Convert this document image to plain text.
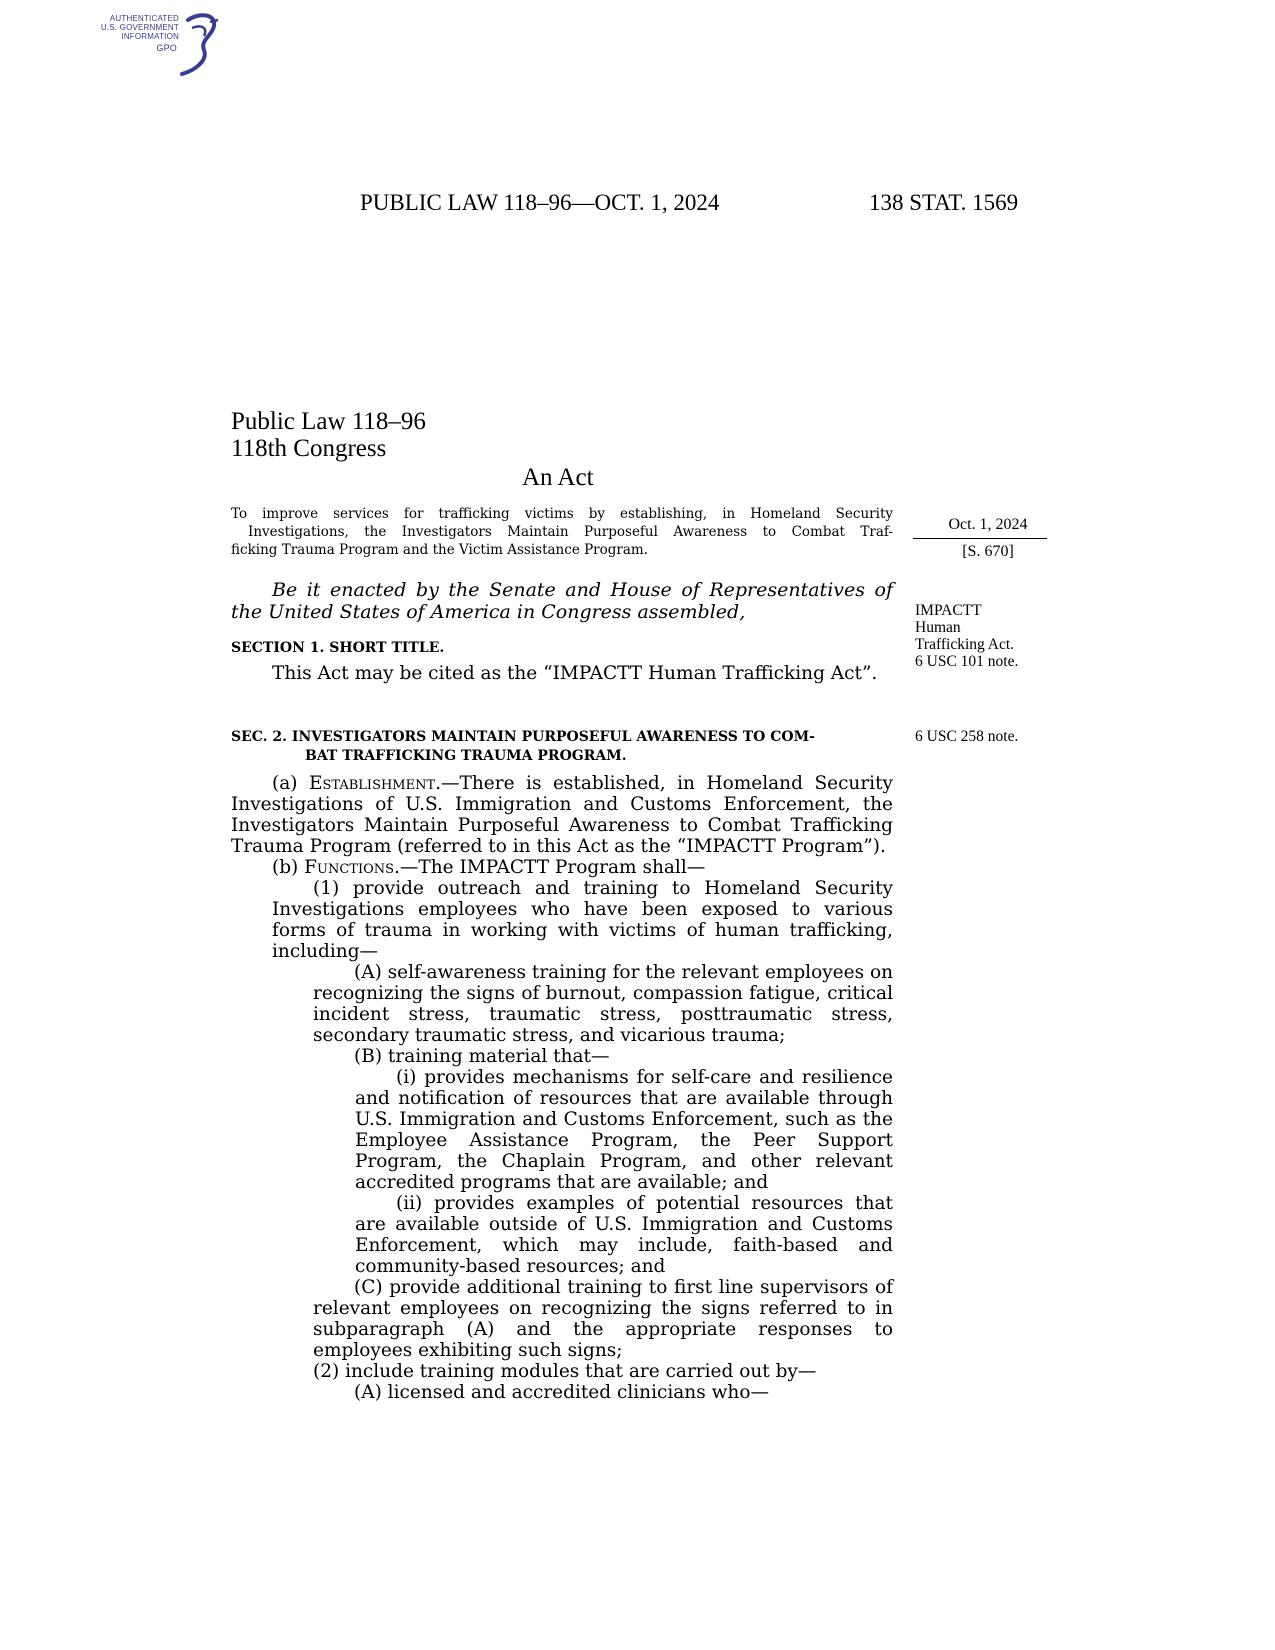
AUTHENTICATED
U.S. GOVERNMENT
INFORMATION
GPO
PUBLIC LAW 118–96—OCT. 1, 2024	138 STAT. 1569
Public Law 118–96
118th Congress
An Act
To improve services for trafficking victims by establishing, in Homeland Security
Investigations, the Investigators Maintain Purposeful Awareness to Combat Traf-
ficking Trauma Program and the Victim Assistance Program.
Oct. 1, 2024
[S. 670]
IMPACTT
Human
Trafficking Act.
6 USC 101 note.
6 USC 258 note.
Be it enacted by the Senate and House of Representatives of the United States of America in Congress assembled,
SECTION 1. SHORT TITLE.
This Act may be cited as the “IMPACTT Human Trafficking Act”.
SEC. 2. INVESTIGATORS MAINTAIN PURPOSEFUL AWARENESS TO COM-
BAT TRAFFICKING TRAUMA PROGRAM.

(a) Establishment.—There is established, in Homeland Security Investigations of U.S. Immigration and Customs Enforcement, the Investigators Maintain Purposeful Awareness to Combat Trafficking Trauma Program (referred to in this Act as the “IMPACTT Program”).

(b) Functions.—The IMPACTT Program shall—

(1) provide outreach and training to Homeland Security Investigations employees who have been exposed to various forms of trauma in working with victims of human trafficking, including—

(A) self-awareness training for the relevant employees on recognizing the signs of burnout, compassion fatigue, critical incident stress, traumatic stress, posttraumatic stress, secondary traumatic stress, and vicarious trauma;

(B) training material that—

(i) provides mechanisms for self-care and resilience and notification of resources that are available through U.S. Immigration and Customs Enforcement, such as the Employee Assistance Program, the Peer Support Program, the Chaplain Program, and other relevant accredited programs that are available; and

(ii) provides examples of potential resources that are available outside of U.S. Immigration and Customs Enforcement, which may include, faith-based and community-based resources; and

(C) provide additional training to first line supervisors of relevant employees on recognizing the signs referred to in subparagraph (A) and the appropriate responses to employees exhibiting such signs;

(2) include training modules that are carried out by—

(A) licensed and accredited clinicians who—
